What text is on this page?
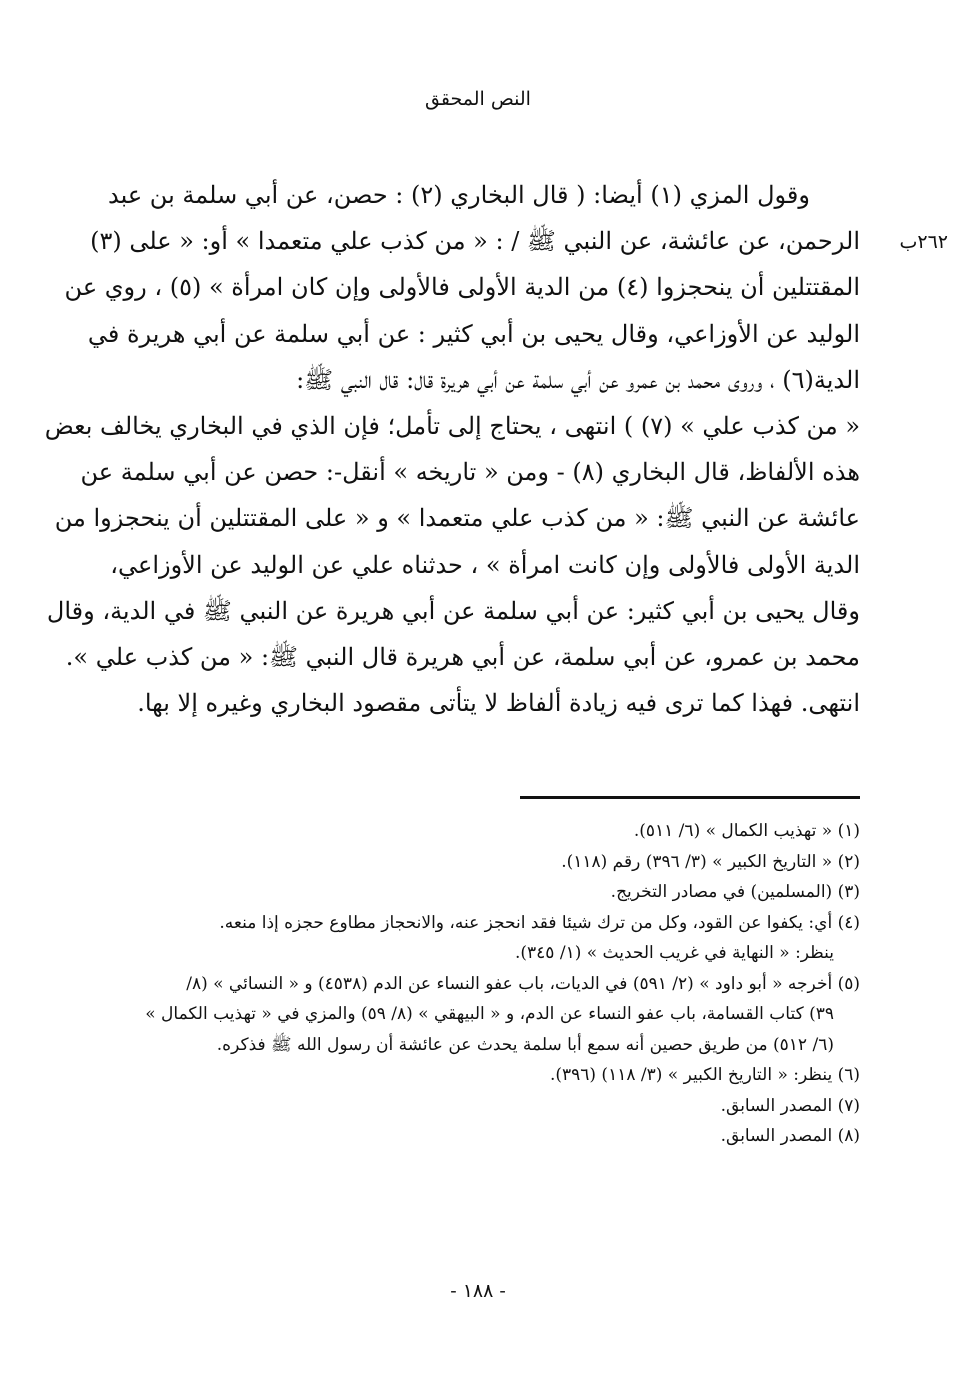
النص المحقق
٢٦٢ب
وقول المزي (١) أيضا: ( قال البخاري (٢) : حصن، عن أبي سلمة بن عبد
الرحمن، عن عائشة، عن النبي ﷺ / : « من كذب علي متعمدا » أو: « على (٣)
المقتتلين أن ينحجزوا (٤) من الدية الأولى فالأولى وإن كان امرأة » (٥) ، روي عن
الوليد عن الأوزاعي، وقال يحيى بن أبي كثير : عن أبي سلمة عن أبي هريرة في
الدية(٦) ، وروى محمد بن عمرو عن أبي سلمة عن أبي هريرة قال: قال النبي ﷺ:
« من كذب علي » (٧) ) انتهى ، يحتاج إلى تأمل؛ فإن الذي في البخاري يخالف بعض
هذه الألفاظ، قال البخاري (٨) - ومن « تاريخه » أنقل-: حصن عن أبي سلمة عن
عائشة عن النبي ﷺ: « من كذب علي متعمدا » و « على المقتتلين أن ينحجزوا من
الدية الأولى فالأولى وإن كانت امرأة » ، حدثناه علي عن الوليد عن الأوزاعي،
وقال يحيى بن أبي كثير: عن أبي سلمة عن أبي هريرة عن النبي ﷺ في الدية، وقال
محمد بن عمرو، عن أبي سلمة، عن أبي هريرة قال النبي ﷺ: « من كذب علي ».
انتهى. فهذا كما ترى فيه زيادة ألفاظ لا يتأتى مقصود البخاري وغيره إلا بها.
(١) « تهذيب الكمال » (٦/ ٥١١).
(٢) « التاريخ الكبير » (٣/ ٣٩٦) رقم (١١٨).
(٣) (المسلمين) في مصادر التخريج.
(٤) أي: يكفوا عن القود، وكل من ترك شيئا فقد انحجز عنه، والانحجاز مطاوع حجزه إذا منعه.
ينظر: « النهاية في غريب الحديث » (١/ ٣٤٥).
(٥) أخرجه « أبو داود » (٢/ ٥٩١) في الديات، باب عفو النساء عن الدم (٤٥٣٨) و « النسائي » (٨/
٣٩) كتاب القسامة، باب عفو النساء عن الدم، و « البيهقي » (٨/ ٥٩) والمزي في « تهذيب الكمال »
(٦/ ٥١٢) من طريق حصين أنه سمع أبا سلمة يحدث عن عائشة أن رسول الله ﷺ فذكره.
(٦) ينظر: « التاريخ الكبير » (٣/ ١١٨) (٣٩٦).
(٧) المصدر السابق.
(٨) المصدر السابق.
- ١٨٨ -
